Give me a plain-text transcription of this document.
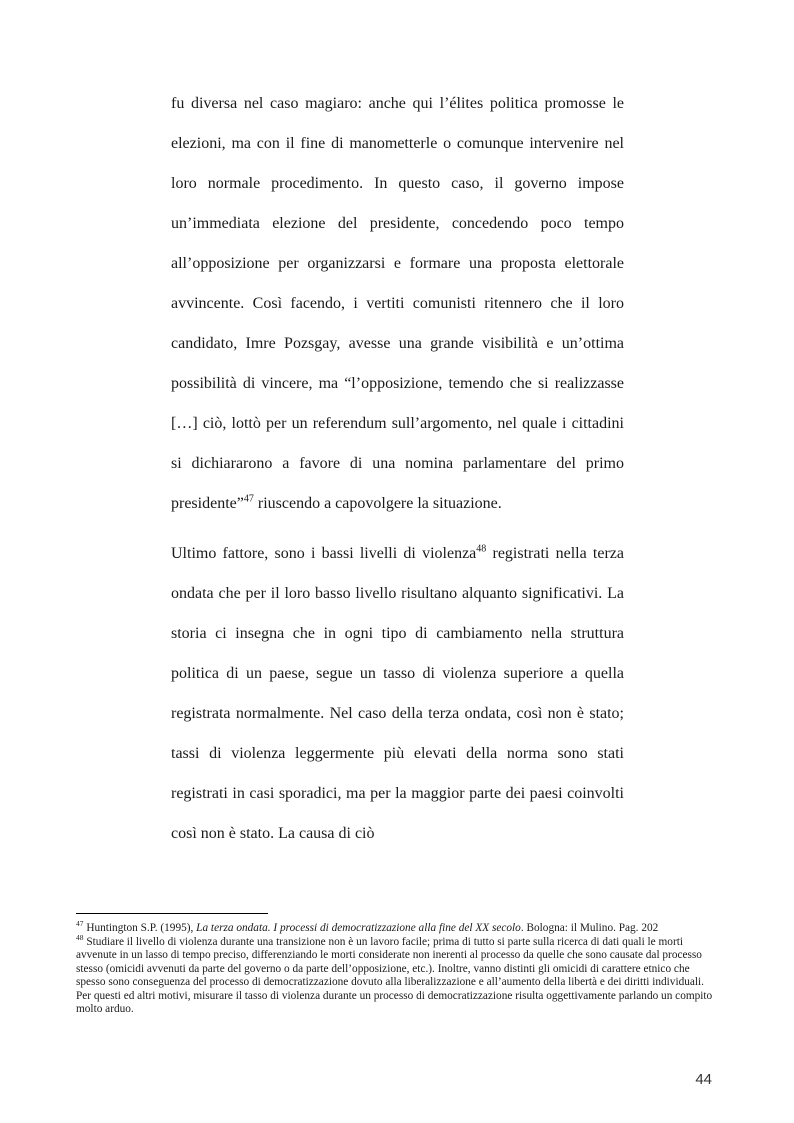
fu diversa nel caso magiaro: anche qui l’élites politica promosse le elezioni, ma con il fine di manometterle o comunque intervenire nel loro normale procedimento. In questo caso, il governo impose un’immediata elezione del presidente, concedendo poco tempo all’opposizione per organizzarsi e formare una proposta elettorale avvincente. Così facendo, i vertiti comunisti ritennero che il loro candidato, Imre Pozsgay, avesse una grande visibilità e un’ottima possibilità di vincere, ma “l’opposizione, temendo che si realizzasse […] ciò, lottò per un referendum sull’argomento, nel quale i cittadini si dichiararono a favore di una nomina parlamentare del primo presidente”$^{47}$ riuscendo a capovolgere la situazione.

Ultimo fattore, sono i bassi livelli di violenza$^{48}$ registrati nella terza ondata che per il loro basso livello risultano alquanto significativi. La storia ci insegna che in ogni tipo di cambiamento nella struttura politica di un paese, segue un tasso di violenza superiore a quella registrata normalmente. Nel caso della terza ondata, così non è stato; tassi di violenza leggermente più elevati della norma sono stati registrati in casi sporadici, ma per la maggior parte dei paesi coinvolti così non è stato. La causa di ciò

$^{47}$ Huntington S.P. (1995), La terza ondata. I processi di democratizzazione alla fine del XX secolo. Bologna: il Mulino. Pag. 202

$^{48}$ Studiare il livello di violenza durante una transizione non è un lavoro facile; prima di tutto si parte sulla ricerca di dati quali le morti avvenute in un lasso di tempo preciso, differenziando le morti considerate non inerenti al processo da quelle che sono causate dal processo stesso (omicidi avvenuti da parte del governo o da parte dell’opposizione, etc.). Inoltre, vanno distinti gli omicidi di carattere etnico che spesso sono conseguenza del processo di democratizzazione dovuto alla liberalizzazione e all’aumento della libertà e dei diritti individuali. Per questi ed altri motivi, misurare il tasso di violenza durante un processo di democratizzazione risulta oggettivamente parlando un compito molto arduo.

44
